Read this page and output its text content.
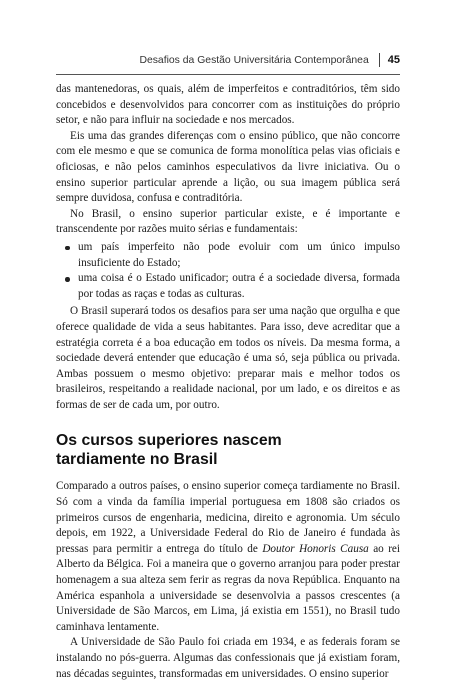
Desafios da Gestão Universitária Contemporânea 45

das mantenedoras, os quais, além de imperfeitos e contraditórios, têm sido concebidos e desenvolvidos para concorrer com as instituições do próprio setor, e não para influir na sociedade e nos mercados.

Eis uma das grandes diferenças com o ensino público, que não concorre com ele mesmo e que se comunica de forma monolítica pelas vias oficiais e oficiosas, e não pelos caminhos especulativos da livre iniciativa. Ou o ensino superior particular aprende a lição, ou sua imagem pública será sempre duvidosa, confusa e contraditória.

No Brasil, o ensino superior particular existe, e é importante e transcendente por razões muito sérias e fundamentais:

um país imperfeito não pode evoluir com um único impulso insuficiente do Estado;
uma coisa é o Estado unificador; outra é a sociedade diversa, formada por todas as raças e todas as culturas.

O Brasil superará todos os desafios para ser uma nação que orgulha e que oferece qualidade de vida a seus habitantes. Para isso, deve acreditar que a estratégia correta é a boa educação em todos os níveis. Da mesma forma, a sociedade deverá entender que educação é uma só, seja pública ou privada. Ambas possuem o mesmo objetivo: preparar mais e melhor todos os brasileiros, respeitando a realidade nacional, por um lado, e os direitos e as formas de ser de cada um, por outro.

Os cursos superiores nascem
tardiamente no Brasil

Comparado a outros países, o ensino superior começa tardiamente no Brasil. Só com a vinda da família imperial portuguesa em 1808 são criados os primeiros cursos de engenharia, medicina, direito e agronomia. Um século depois, em 1922, a Universidade Federal do Rio de Janeiro é fundada às pressas para permitir a entrega do título de Doutor Honoris Causa ao rei Alberto da Bélgica. Foi a maneira que o governo arranjou para poder prestar homenagem a sua alteza sem ferir as regras da nova República. Enquanto na América espanhola a universidade se desenvolvia a passos crescentes (a Universidade de São Marcos, em Lima, já existia em 1551), no Brasil tudo caminhava lentamente.

A Universidade de São Paulo foi criada em 1934, e as federais foram se instalando no pós-guerra. Algumas das confessionais que já existiam foram, nas décadas seguintes, transformadas em universidades. O ensino superior
